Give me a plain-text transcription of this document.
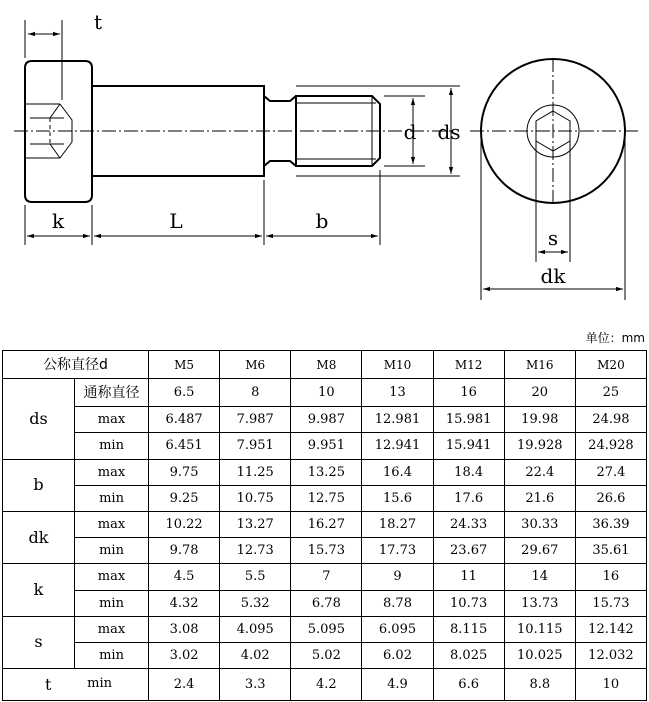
t
k	L	b
d ds
s
dk
单位：mm
公称直径d		M5	M6	M8	M10	M12	M16	M20
ds	通称直径	6.5	8	10	13	16	20	25
	max	6.487	7.987	9.987	12.981	15.981	19.98	24.98
	min	6.451	7.951	9.951	12.941	15.941	19.928	24.928
b	max	9.75	11.25	13.25	16.4	18.4	22.4	27.4
	min	9.25	10.75	12.75	15.6	17.6	21.6	26.6
dk	max	10.22	13.27	16.27	18.27	24.33	30.33	36.39
	min	9.78	12.73	15.73	17.73	23.67	29.67	35.61
k	max	4.5	5.5	7	9	11	14	16
	min	4.32	5.32	6.78	8.78	10.73	13.73	15.73
s	max	3.08	4.095	5.095	6.095	8.115	10.115	12.142
	min	3.02	4.02	5.02	6.02	8.025	10.025	12.032

t min		2.4	3.3	4.2	4.9	6.6	8.8	10
